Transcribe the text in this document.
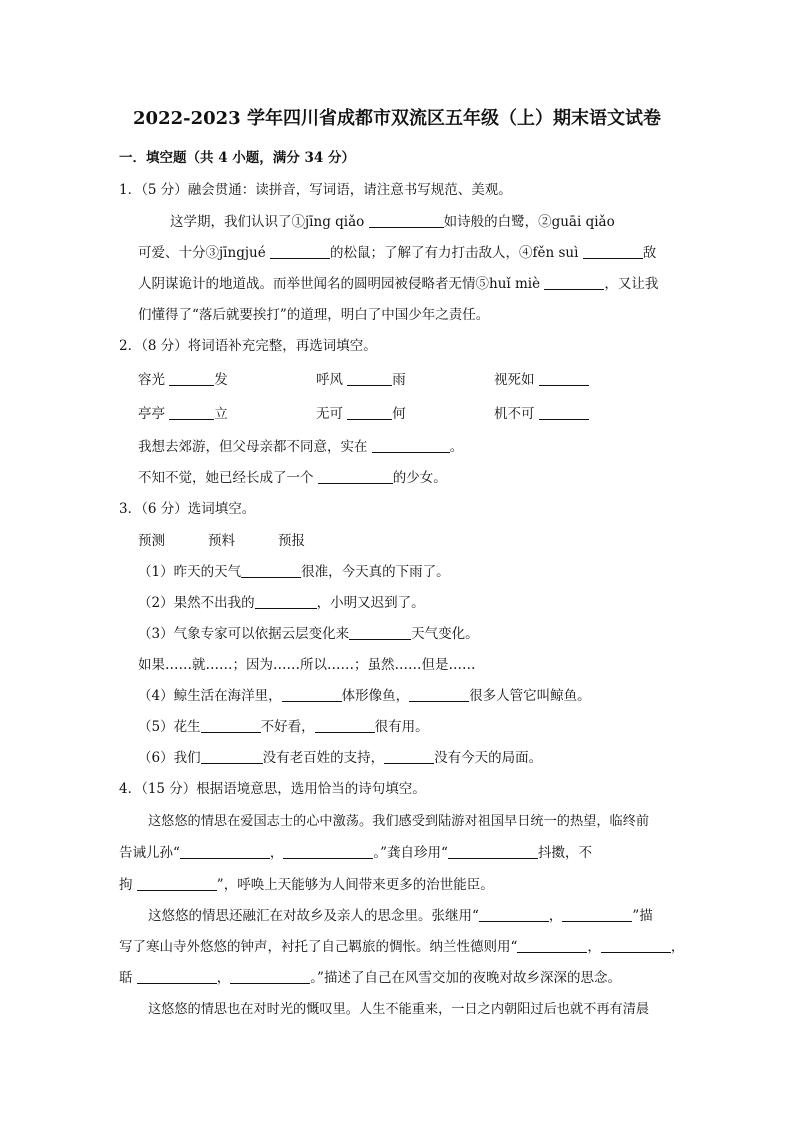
2022-2023 学年四川省成都市双流区五年级（上）期末语文试卷
一．填空题（共 4 小题，满分 34 分）
1．（5 分）融会贯通：读拼音，写词语，请注意书写规范、美观。
这学期，我们认识了①jīng qiǎo	如诗般的白鹭，②guāi qiǎo
可爱、十分③jīngjué	的松鼠；了解了有力打击敌人，④fěn suì	敌
人阴谋诡计的地道战。而举世闻名的圆明园被侵略者无情⑤huǐ miè	，又让我
们懂得了“落后就要挨打”的道理，明白了中国少年之责任。
2．（8 分）将词语补充完整，再选词填空。
容光	发	呼风	雨	视死如
亭亭	立	无可	何	机不可
我想去郊游，但父母亲都不同意，实在	。
不知不觉，她已经长成了一个	的少女。
3．（6 分）选词填空。
预测	预料	预报
（1）昨天的天气	很准，今天真的下雨了。
（2）果然不出我的	，小明又迟到了。
（3）气象专家可以依据云层变化来	天气变化。
如果……就……；因为……所以……；虽然……但是……
（4）鲸生活在海洋里，	体形像鱼，	很多人管它叫鲸鱼。
（5）花生	不好看，	很有用。
（6）我们	没有老百姓的支持，	没有今天的局面。
4．（15 分）根据语境意思，选用恰当的诗句填空。
这悠悠的情思在爱国志士的心中激荡。我们感受到陆游对祖国早日统一的热望，临终前
告诫儿孙“	，	。”龚自珍用“	抖擞，不
拘	”，呼唤上天能够为人间带来更多的治世能臣。
这悠悠的情思还融汇在对故乡及亲人的思念里。张继用“	，	”描
写了寒山寺外悠悠的钟声，衬托了自己羁旅的惆怅。纳兰性德则用“	，	，
聒	，	。”描述了自己在风雪交加的夜晚对故乡深深的思念。
这悠悠的情思也在对时光的慨叹里。人生不能重来，一日之内朝阳过后也就不再有清晨
